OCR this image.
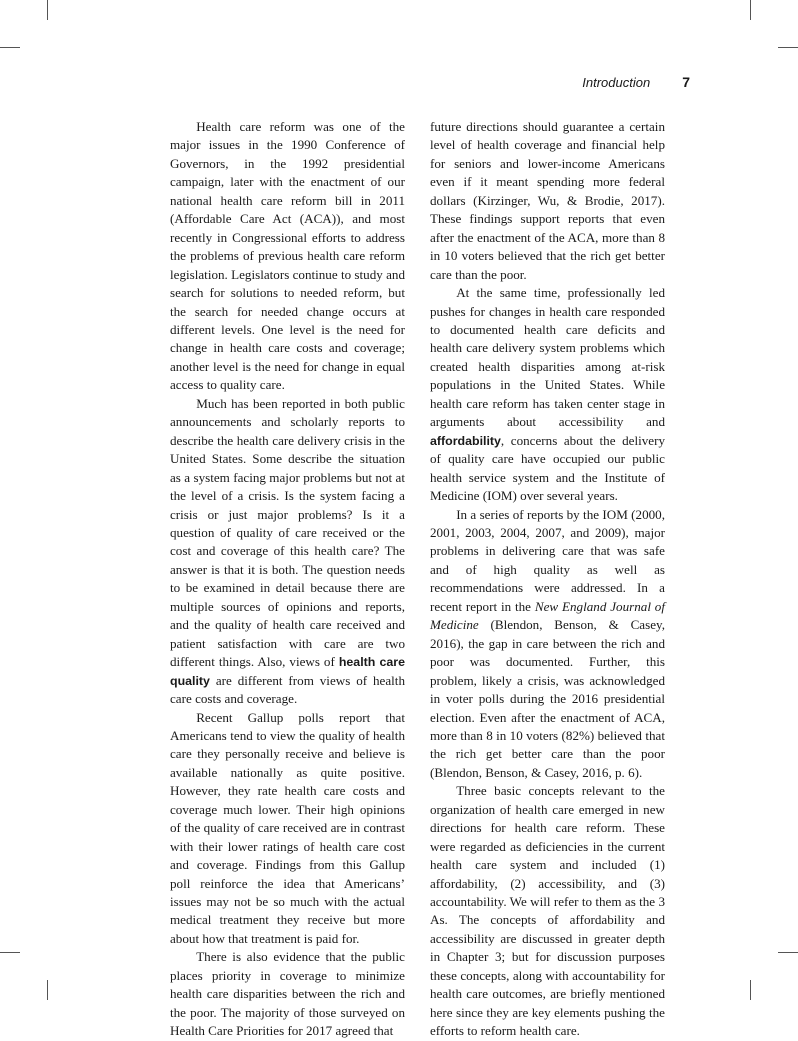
Introduction 7

Health care reform was one of the major issues in the 1990 Conference of Governors, in the 1992 presidential campaign, later with the enactment of our national health care reform bill in 2011 (Affordable Care Act (ACA)), and most recently in Congressional efforts to address the problems of previous health care reform legislation. Legislators continue to study and search for solutions to needed reform, but the search for needed change occurs at different levels. One level is the need for change in health care costs and coverage; another level is the need for change in equal access to quality care.

Much has been reported in both public announcements and scholarly reports to describe the health care delivery crisis in the United States. Some describe the situation as a system facing major problems but not at the level of a crisis. Is the system facing a crisis or just major problems? Is it a question of quality of care received or the cost and coverage of this health care? The answer is that it is both. The question needs to be examined in detail because there are multiple sources of opinions and reports, and the quality of health care received and patient satisfaction with care are two different things. Also, views of health care quality are different from views of health care costs and coverage.

Recent Gallup polls report that Americans tend to view the quality of health care they personally receive and believe is available nationally as quite positive. However, they rate health care costs and coverage much lower. Their high opinions of the quality of care received are in contrast with their lower ratings of health care cost and coverage. Findings from this Gallup poll reinforce the idea that Americans’ issues may not be so much with the actual medical treatment they receive but more about how that treatment is paid for.

There is also evidence that the public places priority in coverage to minimize health care disparities between the rich and the poor. The majority of those surveyed on Health Care Priorities for 2017 agreed that

future directions should guarantee a certain level of health coverage and financial help for seniors and lower-income Americans even if it meant spending more federal dollars (Kirzinger, Wu, & Brodie, 2017). These findings support reports that even after the enactment of the ACA, more than 8 in 10 voters believed that the rich get better care than the poor.

At the same time, professionally led pushes for changes in health care responded to documented health care deficits and health care delivery system problems which created health disparities among at-risk populations in the United States. While health care reform has taken center stage in arguments about accessibility and affordability, concerns about the delivery of quality care have occupied our public health service system and the Institute of Medicine (IOM) over several years.

In a series of reports by the IOM (2000, 2001, 2003, 2004, 2007, and 2009), major problems in delivering care that was safe and of high quality as well as recommendations were addressed. In a recent report in the New England Journal of Medicine (Blendon, Benson, & Casey, 2016), the gap in care between the rich and poor was documented. Further, this problem, likely a crisis, was acknowledged in voter polls during the 2016 presidential election. Even after the enactment of ACA, more than 8 in 10 voters (82%) believed that the rich get better care than the poor (Blendon, Benson, & Casey, 2016, p. 6).

Three basic concepts relevant to the organization of health care emerged in new directions for health care reform. These were regarded as deficiencies in the current health care system and included (1) affordability, (2) accessibility, and (3) accountability. We will refer to them as the 3 As. The concepts of affordability and accessibility are discussed in greater depth in Chapter 3; but for discussion purposes these concepts, along with accountability for health care outcomes, are briefly mentioned here since they are key elements pushing the efforts to reform health care.
